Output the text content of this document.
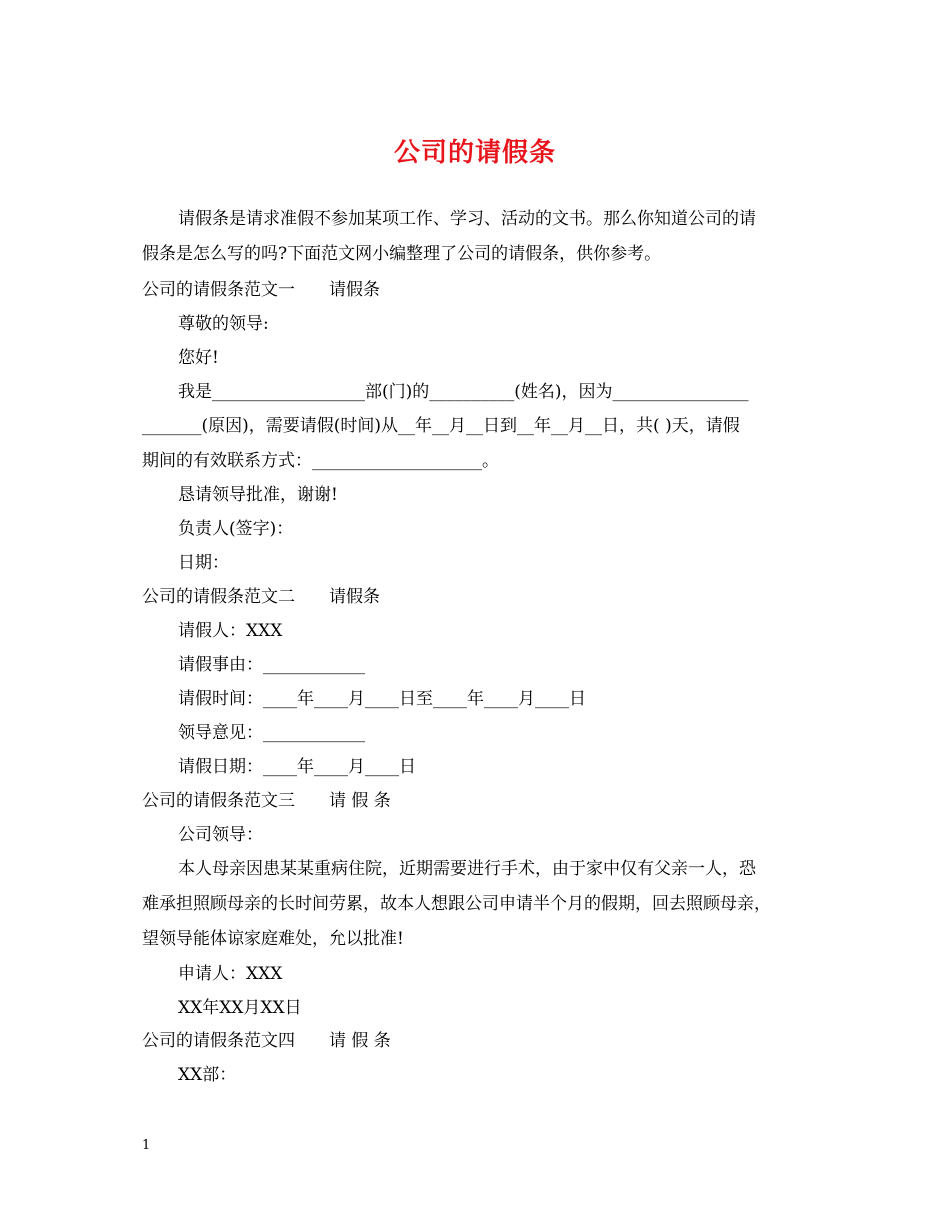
公司的请假条

请假条是请求准假不参加某项工作、学习、活动的文书。那么你知道公司的请

假条是怎么写的吗?下面范文网小编整理了公司的请假条，供你参考。

公司的请假条范文一　　请假条

尊敬的领导:

您好!

我是__________________部(门)的__________(姓名)，因为________________

_______(原因)，需要请假(时间)从__年__月__日到__年__月__日，共( )天，请假

期间的有效联系方式：____________________。

恳请领导批准，谢谢!

负责人(签字)：

日期：

公司的请假条范文二　　请假条

请假人：XXX

请假事由：____________

请假时间：____年____月____日至____年____月____日

领导意见：____________

请假日期：____年____月____日

公司的请假条范文三　　请 假 条

公司领导：

本人母亲因患某某重病住院，近期需要进行手术，由于家中仅有父亲一人，恐

难承担照顾母亲的长时间劳累，故本人想跟公司申请半个月的假期，回去照顾母亲，

望领导能体谅家庭难处，允以批准!

申请人：XXX

XX年XX月XX日

公司的请假条范文四　　请 假 条

XX部：

1
